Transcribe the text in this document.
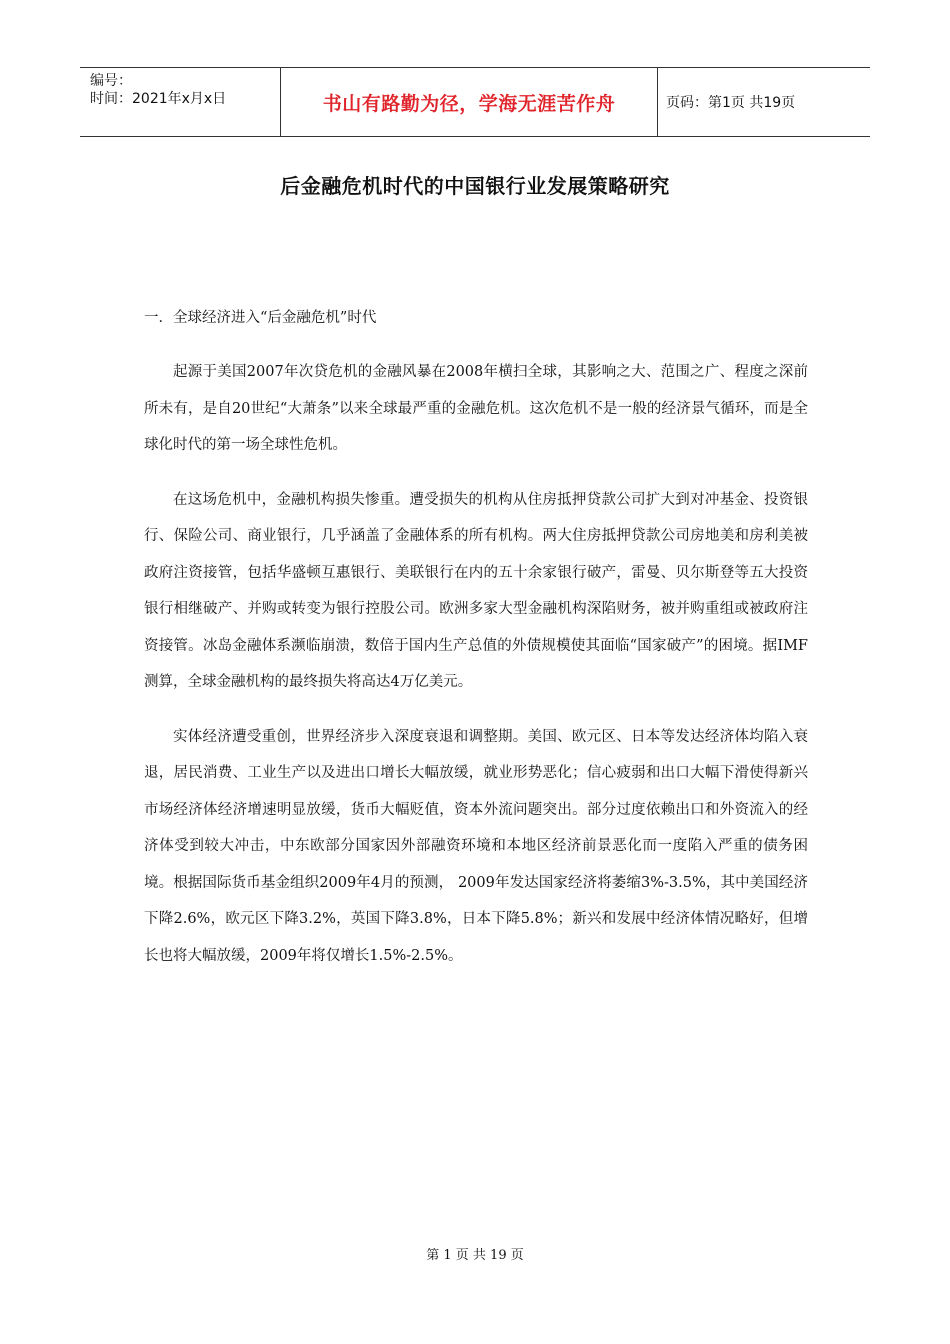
编号：
时间：2021年x月x日	书山有路勤为径，学海无涯苦作舟	页码：第1页 共19页
后金融危机时代的中国银行业发展策略研究

一．全球经济进入“后金融危机”时代

起源于美国2007年次贷危机的金融风暴在2008年横扫全球，其影响之大、范围之广、程度之深前所未有，是自20世纪“大萧条”以来全球最严重的金融危机。这次危机不是一般的经济景气循环，而是全球化时代的第一场全球性危机。

在这场危机中，金融机构损失惨重。遭受损失的机构从住房抵押贷款公司扩大到对冲基金、投资银行、保险公司、商业银行，几乎涵盖了金融体系的所有机构。两大住房抵押贷款公司房地美和房利美被政府注资接管，包括华盛顿互惠银行、美联银行在内的五十余家银行破产，雷曼、贝尔斯登等五大投资银行相继破产、并购或转变为银行控股公司。欧洲多家大型金融机构深陷财务，被并购重组或被政府注资接管。冰岛金融体系濒临崩溃，数倍于国内生产总值的外债规模使其面临“国家破产”的困境。据IMF测算，全球金融机构的最终损失将高达4万亿美元。

实体经济遭受重创，世界经济步入深度衰退和调整期。美国、欧元区、日本等发达经济体均陷入衰退，居民消费、工业生产以及进出口增长大幅放缓，就业形势恶化；信心疲弱和出口大幅下滑使得新兴市场经济体经济增速明显放缓，货币大幅贬值，资本外流问题突出。部分过度依赖出口和外资流入的经济体受到较大冲击，中东欧部分国家因外部融资环境和本地区经济前景恶化而一度陷入严重的债务困境。根据国际货币基金组织2009年4月的预测， 2009年发达国家经济将萎缩3%-3.5%，其中美国经济下降2.6%，欧元区下降3.2%，英国下降3.8%，日本下降5.8%；新兴和发展中经济体情况略好，但增长也将大幅放缓，2009年将仅增长1.5%-2.5%。

第 1 页 共 19 页
